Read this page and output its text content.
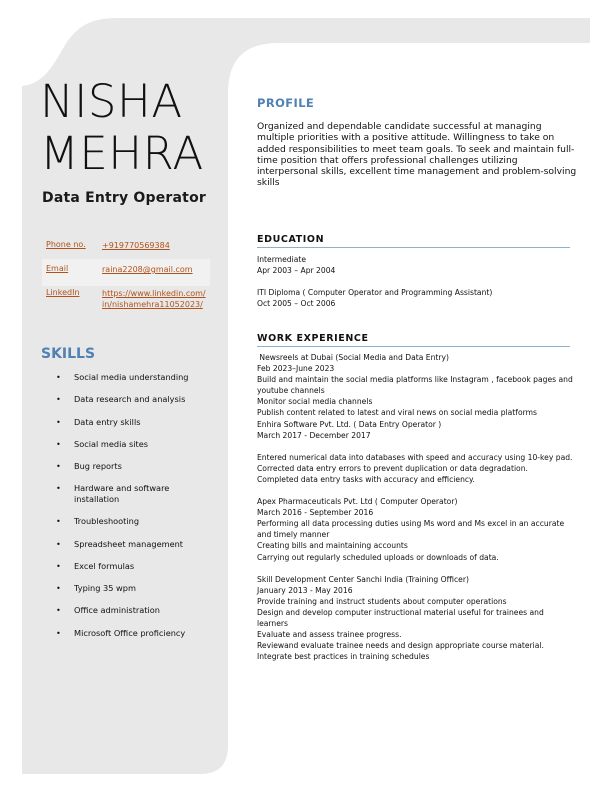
NISHA
MEHRA
Data Entry Operator
Phone no.	+919770569384
Email	raina2208@gmail.com
LinkedIn	https://www.linkedin.com/in/nishamehra11052023/
SKILLS
• Social media understanding
• Data research and analysis
• Data entry skills
• Social media sites
• Bug reports
• Hardware and software installation
• Troubleshooting
• Spreadsheet management
• Excel formulas
• Typing 35 wpm
• Office administration
• Microsoft Office proficiency
PROFILE
Organized and dependable candidate successful at managing multiple priorities with a positive attitude. Willingness to take on added responsibilities to meet team goals. To seek and maintain full-time position that offers professional challenges utilizing interpersonal skills, excellent time management and problem-solving skills
EDUCATION
Intermediate
Apr 2003 – Apr 2004
ITI Diploma ( Computer Operator and Programming Assistant)
Oct 2005 – Oct 2006
WORK EXPERIENCE
Newsreels at Dubai (Social Media and Data Entry)
Feb 2023–June 2023
Build and maintain the social media platforms like Instagram , facebook pages and youtube channels
Monitor social media channels
Publish content related to latest and viral news on social media platforms
Enhira Software Pvt. Ltd. ( Data Entry Operator )
March 2017 - December 2017
Entered numerical data into databases with speed and accuracy using 10-key pad.
Corrected data entry errors to prevent duplication or data degradation.
Completed data entry tasks with accuracy and efficiency.
Apex Pharmaceuticals Pvt. Ltd ( Computer Operator)
March 2016 - September 2016
Performing all data processing duties using Ms word and Ms excel in an accurate and timely manner
Creating bills and maintaining accounts
Carrying out regularly scheduled uploads or downloads of data.
Skill Development Center Sanchi India (Training Officer)
January 2013 - May 2016
Provide training and instruct students about computer operations
Design and develop computer instructional material useful for trainees and learners
Evaluate and assess trainee progress.
Reviewand evaluate trainee needs and design appropriate course material. Integrate best practices in training schedules
